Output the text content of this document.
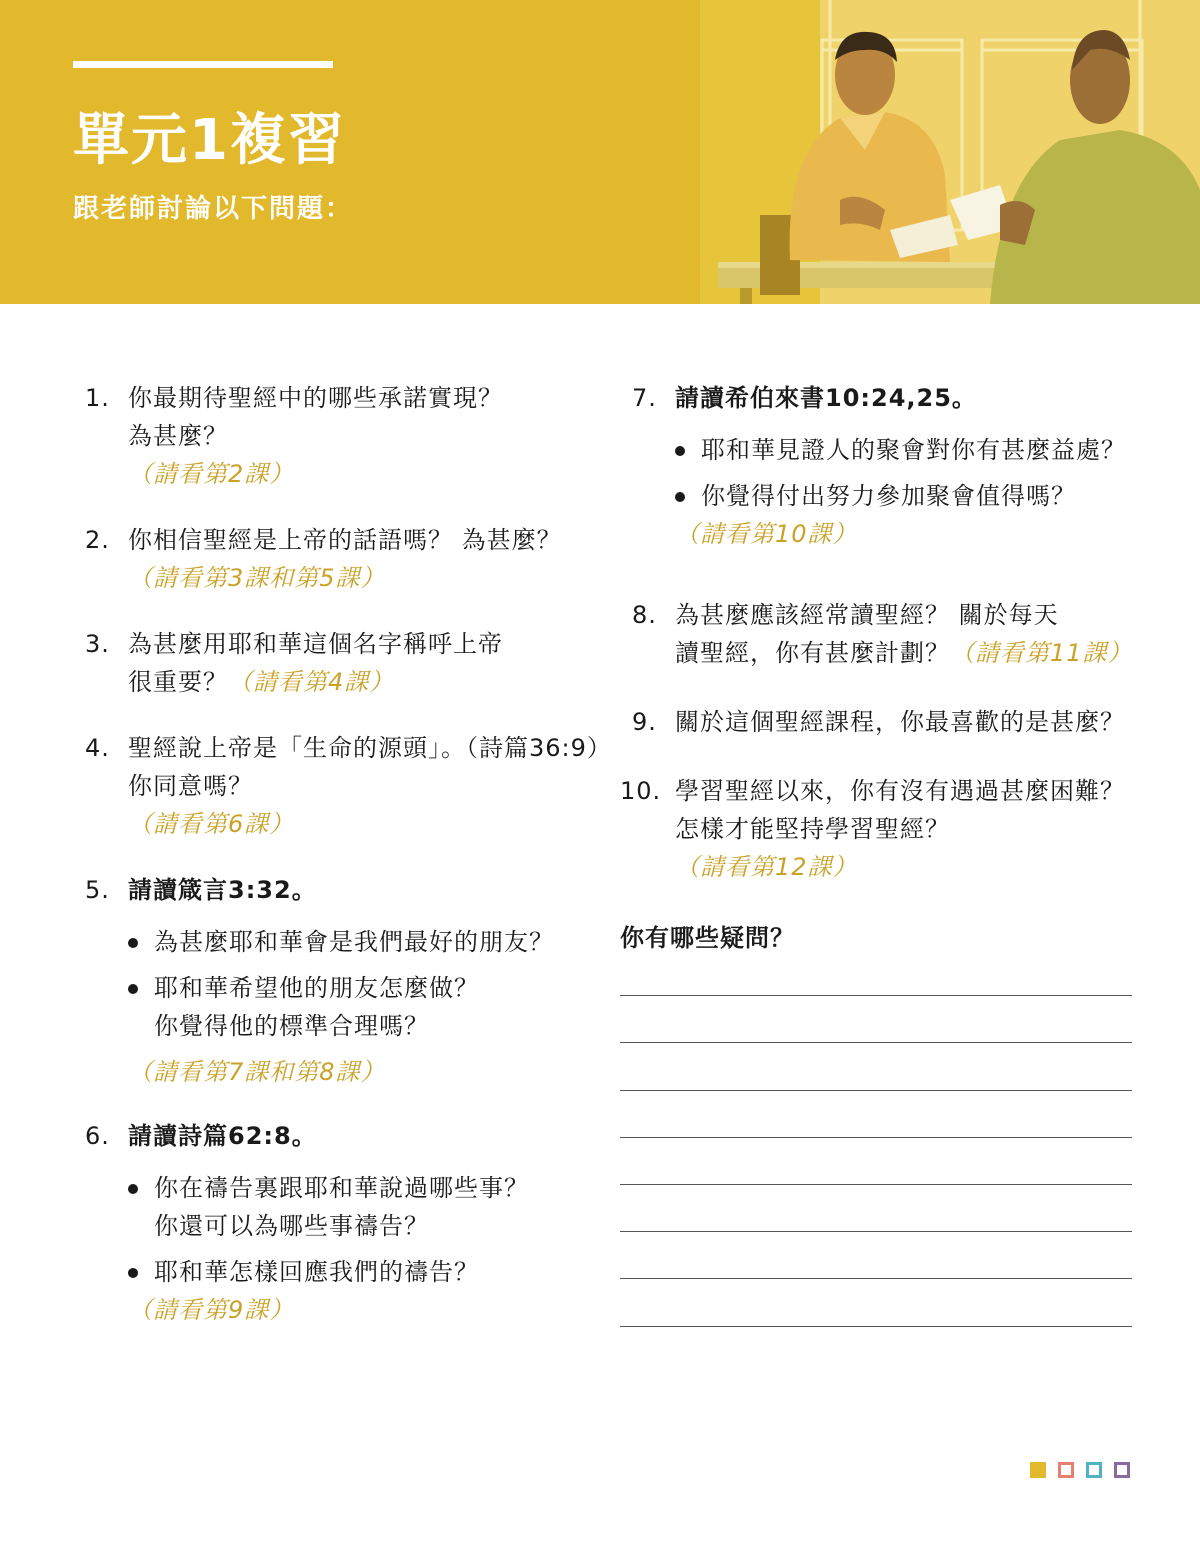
單元1複習
跟老師討論以下問題：
1. 你最期待聖經中的哪些承諾實現？
為甚麼？
（請看第2課）
2. 你相信聖經是上帝的話語嗎？ 為甚麼？
（請看第3課和第5課）
3. 為甚麼用耶和華這個名字稱呼上帝
很重要？（請看第4課）
4. 聖經說上帝是「生命的源頭」。（詩篇36:9）
你同意嗎？
（請看第6課）
5. 請讀箴言3:32。
為甚麼耶和華會是我們最好的朋友？
耶和華希望他的朋友怎麼做？
你覺得他的標準合理嗎？
（請看第7課和第8課）
6. 請讀詩篇62:8。
你在禱告裏跟耶和華說過哪些事？
你還可以為哪些事禱告？
耶和華怎樣回應我們的禱告？
（請看第9課）
7. 請讀希伯來書10:24,25。
耶和華見證人的聚會對你有甚麼益處？
你覺得付出努力參加聚會值得嗎？
（請看第10課）
8. 為甚麼應該經常讀聖經？ 關於每天
讀聖經，你有甚麼計劃？（請看第11課）
9. 關於這個聖經課程，你最喜歡的是甚麼？
10. 學習聖經以來，你有沒有遇過甚麼困難？
怎樣才能堅持學習聖經？
（請看第12課）
你有哪些疑問？
